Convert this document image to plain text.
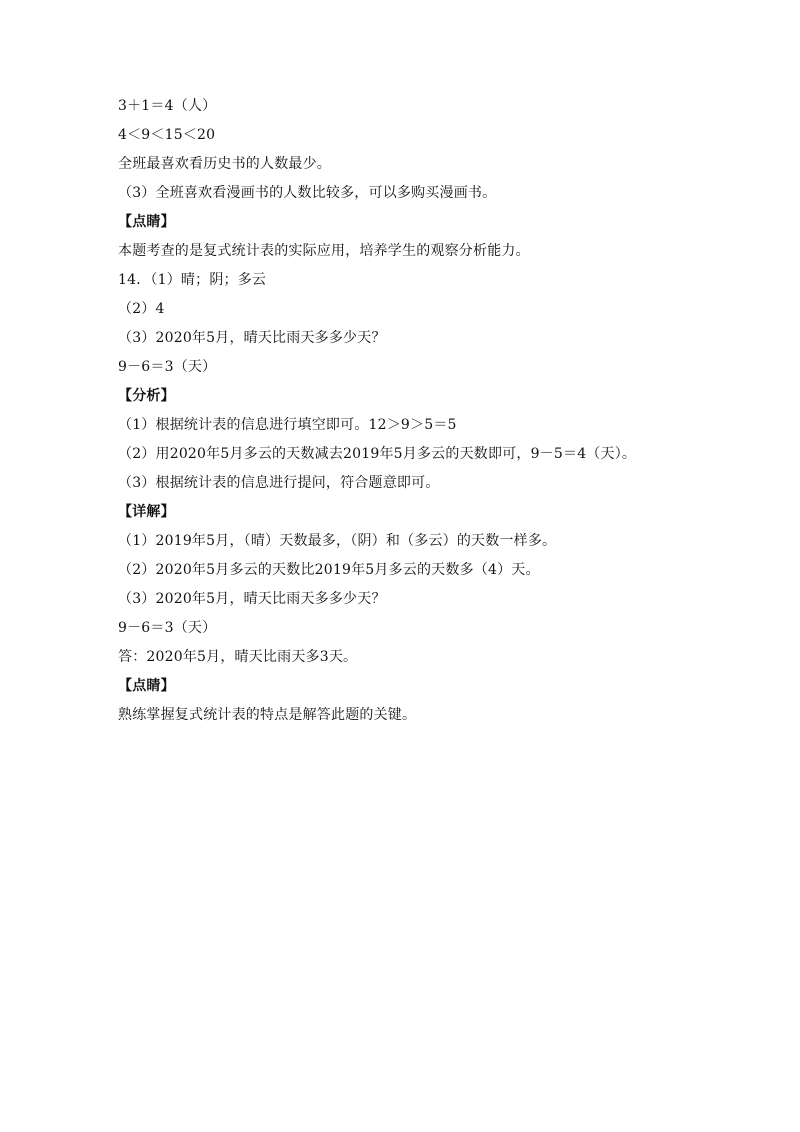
3＋1＝4（人）
4＜9＜15＜20
全班最喜欢看历史书的人数最少。
（3）全班喜欢看漫画书的人数比较多，可以多购买漫画书。
【点睛】
本题考查的是复式统计表的实际应用，培养学生的观察分析能力。
14．（1）晴；阴；多云
（2）4
（3）2020年5月，晴天比雨天多多少天？
9－6＝3（天）
【分析】
（1）根据统计表的信息进行填空即可。12＞9＞5＝5
（2）用2020年5月多云的天数减去2019年5月多云的天数即可，9－5＝4（天）。
（3）根据统计表的信息进行提问，符合题意即可。
【详解】
（1）2019年5月，（晴）天数最多，（阴）和（多云）的天数一样多。
（2）2020年5月多云的天数比2019年5月多云的天数多（4）天。
（3）2020年5月，晴天比雨天多多少天？
9－6＝3（天）
答：2020年5月，晴天比雨天多3天。
【点睛】
熟练掌握复式统计表的特点是解答此题的关键。
